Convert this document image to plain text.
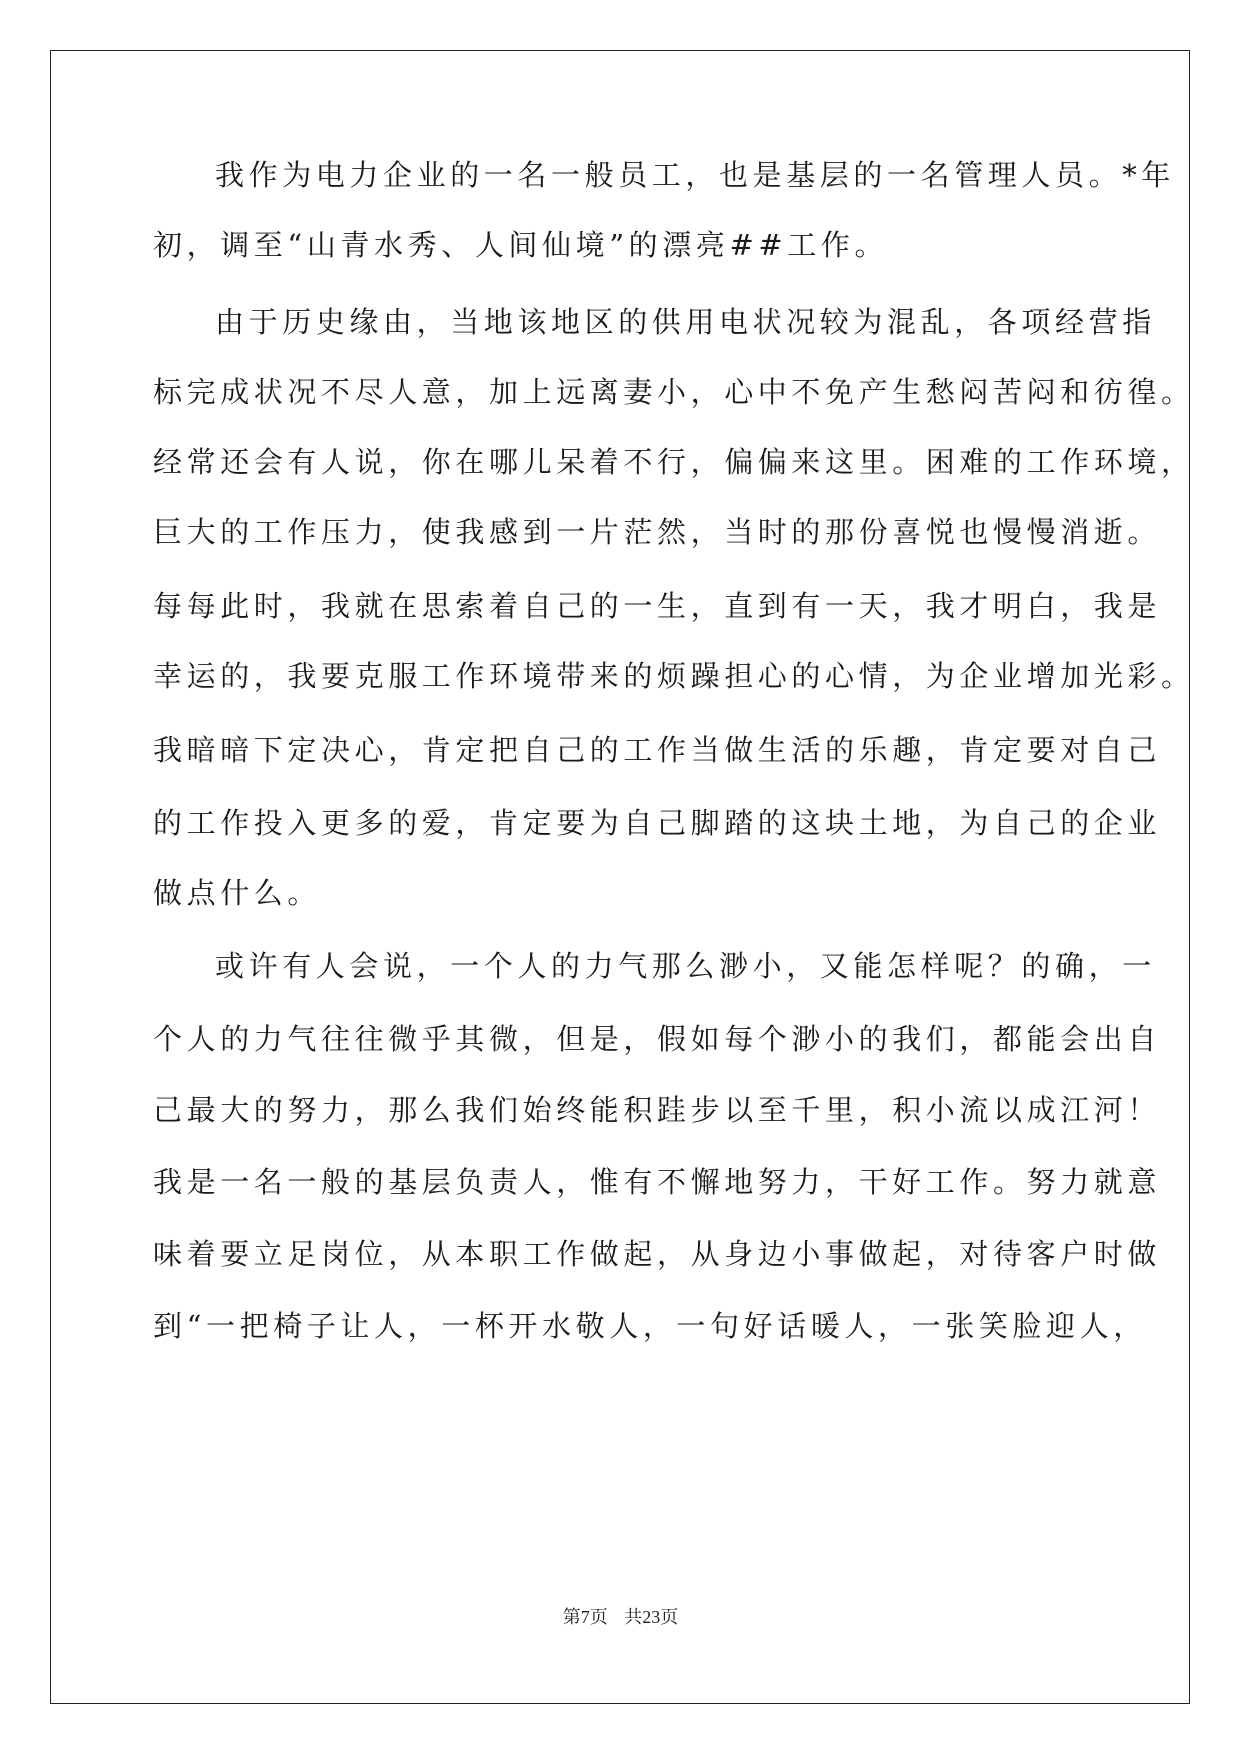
我作为电力企业的一名一般员工，也是基层的一名管理人员。*年
初，调至“山青水秀、人间仙境”的漂亮##工作。
由于历史缘由，当地该地区的供用电状况较为混乱，各项经营指
标完成状况不尽人意，加上远离妻小，心中不免产生愁闷苦闷和彷徨。
经常还会有人说，你在哪儿呆着不行，偏偏来这里。困难的工作环境，
巨大的工作压力，使我感到一片茫然，当时的那份喜悦也慢慢消逝。
每每此时，我就在思索着自己的一生，直到有一天，我才明白，我是
幸运的，我要克服工作环境带来的烦躁担心的心情，为企业增加光彩。
我暗暗下定决心，肯定把自己的工作当做生活的乐趣，肯定要对自己
的工作投入更多的爱，肯定要为自己脚踏的这块土地，为自己的企业
做点什么。
或许有人会说，一个人的力气那么渺小，又能怎样呢？的确，一
个人的力气往往微乎其微，但是，假如每个渺小的我们，都能会出自
己最大的努力，那么我们始终能积跬步以至千里，积小流以成江河！
我是一名一般的基层负责人，惟有不懈地努力，干好工作。努力就意
味着要立足岗位，从本职工作做起，从身边小事做起，对待客户时做
到“一把椅子让人，一杯开水敬人，一句好话暖人，一张笑脸迎人，
第7页 共23页
